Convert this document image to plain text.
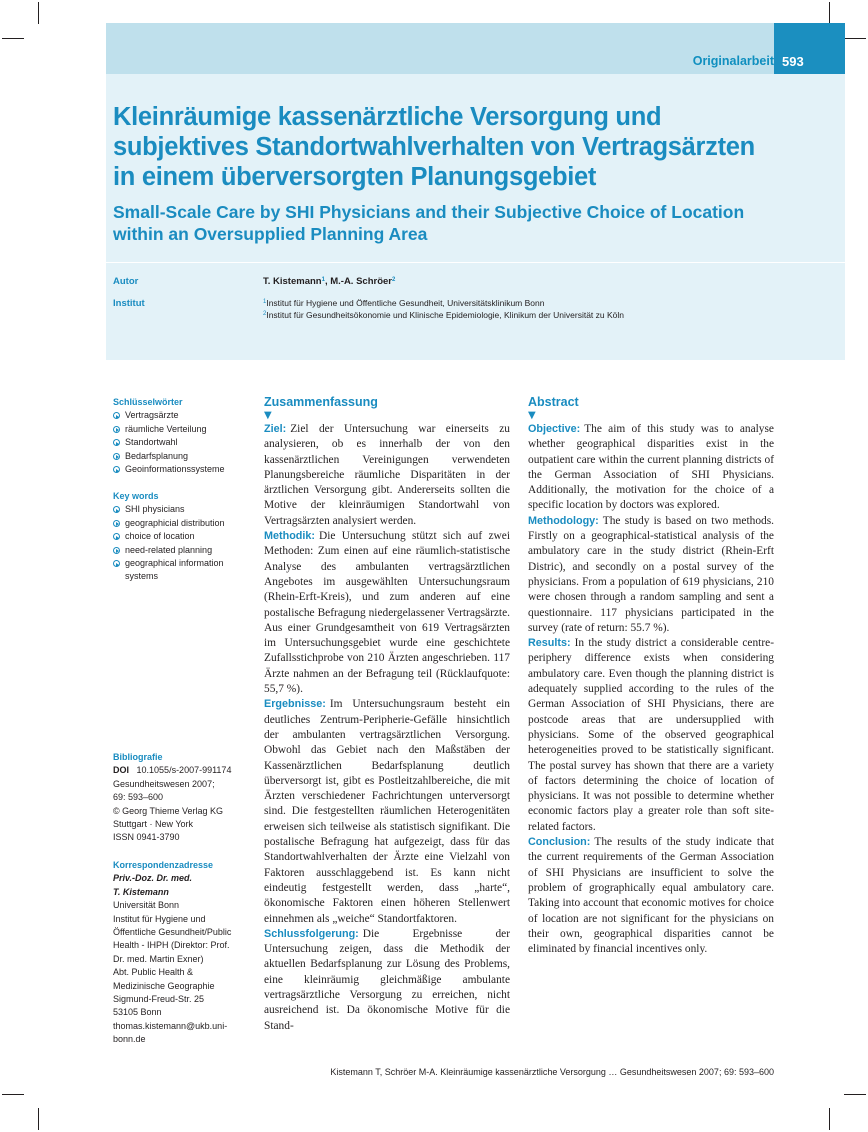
Originalarbeit 593
Kleinräumige kassenärztliche Versorgung und
subjektives Standortwahlverhalten von Vertragsärzten
in einem überversorgten Planungsgebiet
Small-Scale Care by SHI Physicians and their Subjective Choice of Location
within an Oversupplied Planning Area
Autor	T. Kistemann$^1$, M.-A. Schröer$^2$
Institut	$^1$Institut für Hygiene und Öffentliche Gesundheit, Universitätsklinikum Bonn
$^2$Institut für Gesundheitsökonomie und Klinische Epidemiologie, Klinikum der Universität zu Köln
Schlüsselwörter
Vertragsärzte
räumliche Verteilung
Standortwahl
Bedarfsplanung
Geoinformationssysteme
Key words
SHI physicians
geographicial distribution
choice of location
need-related planning
geographical information systems
Bibliografie
DOI 10.1055/s-2007-991174
Gesundheitswesen 2007;
69: 593–600
© Georg Thieme Verlag KG
Stuttgart · New York
ISSN 0941-3790
Korrespondenzadresse
Priv.-Doz. Dr. med.
T. Kistemann
Universität Bonn
Institut für Hygiene und
Öffentliche Gesundheit/Public
Health - IHPH (Direktor: Prof.
Dr. med. Martin Exner)
Abt. Public Health &
Medizinische Geographie
Sigmund-Freud-Str. 25
53105 Bonn
thomas.kistemann@ukb.uni-
bonn.de
Zusammenfassung
▼

Ziel: Ziel der Untersuchung war einerseits zu analysieren, ob es innerhalb der von den kassenärztlichen Vereinigungen verwendeten Planungsbereiche räumliche Disparitäten in der ärztlichen Versorgung gibt. Andererseits sollten die Motive der kleinräumigen Standortwahl von Vertragsärzten analysiert werden.

Methodik: Die Untersuchung stützt sich auf zwei Methoden: Zum einen auf eine räumlich-statistische Analyse des ambulanten vertragsärztlichen Angebotes im ausgewählten Untersuchungsraum (Rhein-Erft-Kreis), und zum anderen auf eine postalische Befragung niedergelassener Vertragsärzte. Aus einer Grundgesamtheit von 619 Vertragsärzten im Untersuchungsgebiet wurde eine geschichtete Zufallsstichprobe von 210 Ärzten angeschrieben. 117 Ärzte nahmen an der Befragung teil (Rücklaufquote: 55,7 %).

Ergebnisse: Im Untersuchungsraum besteht ein deutliches Zentrum-Peripherie-Gefälle hinsichtlich der ambulanten vertragsärztlichen Versorgung. Obwohl das Gebiet nach den Maßstäben der Kassenärztlichen Bedarfsplanung deutlich überversorgt ist, gibt es Postleitzahlbereiche, die mit Ärzten verschiedener Fachrichtungen unterversorgt sind. Die festgestellten räumlichen Heterogenitäten erweisen sich teilweise als statistisch signifikant. Die postalische Befragung hat aufgezeigt, dass für das Standortwahlverhalten der Ärzte eine Vielzahl von Faktoren ausschlaggebend ist. Es kann nicht eindeutig festgestellt werden, dass „harte“, ökonomische Faktoren einen höheren Stellenwert einnehmen als „weiche“ Standortfaktoren.

Schlussfolgerung: Die Ergebnisse der Untersuchung zeigen, dass die Methodik der aktuellen Bedarfsplanung zur Lösung des Problems, eine kleinräumig gleichmäßige ambulante vertragsärztliche Versorgung zu erreichen, nicht ausreichend ist. Da ökonomische Motive für die Stand-

Abstract
▼

Objective: The aim of this study was to analyse whether geographical disparities exist in the outpatient care within the current planning districts of the German Association of SHI Physicians. Additionally, the motivation for the choice of a specific location by doctors was explored.

Methodology: The study is based on two methods. Firstly on a geographical-statistical analysis of the ambulatory care in the study district (Rhein-Erft Distric), and secondly on a postal survey of the physicians. From a population of 619 physicians, 210 were chosen through a random sampling and sent a questionnaire. 117 physicians participated in the survey (rate of return: 55.7 %).

Results: In the study district a considerable centre-periphery difference exists when considering ambulatory care. Even though the planning district is adequately supplied according to the rules of the German Association of SHI Physicians, there are postcode areas that are undersupplied with physicians. Some of the observed geographical heterogeneities proved to be statistically significant. The postal survey has shown that there are a variety of factors determining the choice of location of physicians. It was not possible to determine whether economic factors play a greater role than soft site-related factors.

Conclusion: The results of the study indicate that the current requirements of the German Association of SHI Physicians are insufficient to solve the problem of grographically equal ambulatory care. Taking into account that economic motives for choice of location are not significant for the physicians on their own, geographical disparities cannot be eliminated by financial incentives only.

Kistemann T, Schröer M-A. Kleinräumige kassenärztliche Versorgung … Gesundheitswesen 2007; 69: 593–600
